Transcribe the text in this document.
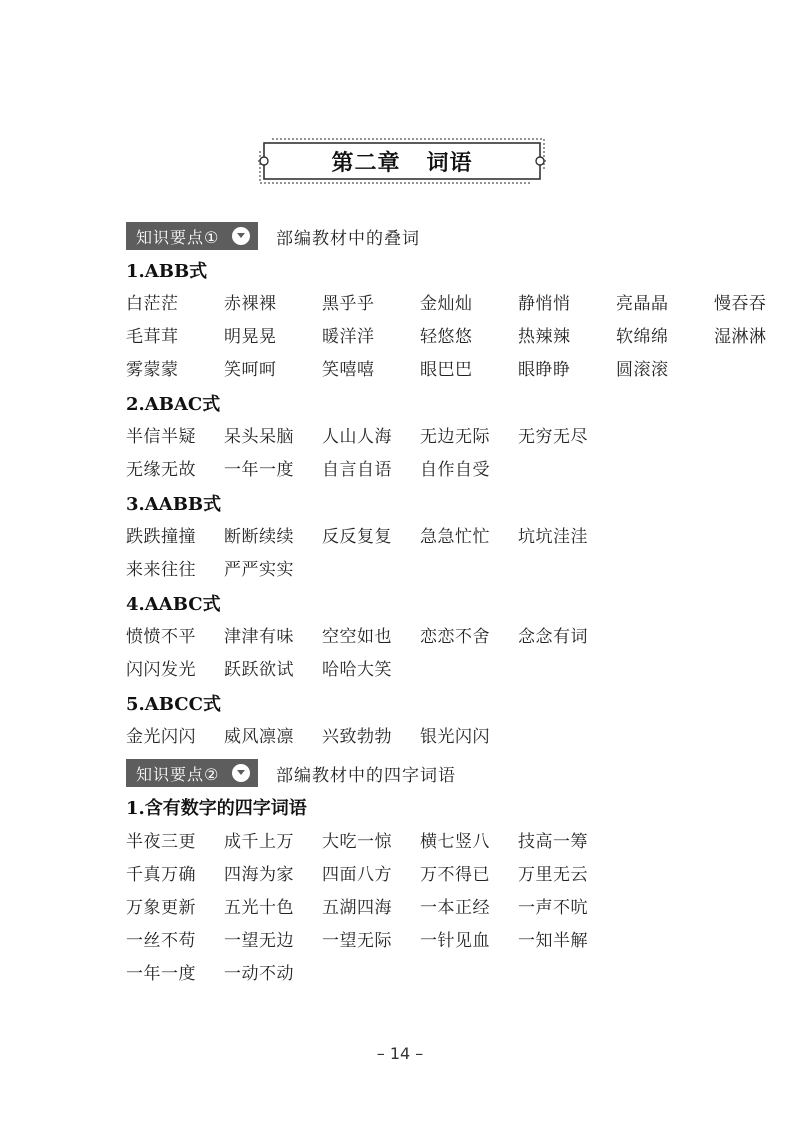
第二章 词语
知识要点①	部编教材中的叠词
1.ABB式
白茫茫	赤裸裸	黑乎乎	金灿灿	静悄悄	亮晶晶	慢吞吞
毛茸茸	明晃晃	暖洋洋	轻悠悠	热辣辣	软绵绵	湿淋淋
雾蒙蒙	笑呵呵	笑嘻嘻	眼巴巴	眼睁睁	圆滚滚
2.ABAC式
半信半疑	呆头呆脑	人山人海	无边无际	无穷无尽
无缘无故	一年一度	自言自语	自作自受
3.AABB式
跌跌撞撞	断断续续	反反复复	急急忙忙	坑坑洼洼
来来往往	严严实实
4.AABC式
愤愤不平	津津有味	空空如也	恋恋不舍	念念有词
闪闪发光	跃跃欲试	哈哈大笑
5.ABCC式
金光闪闪	威风凛凛	兴致勃勃	银光闪闪
知识要点②	部编教材中的四字词语
1.含有数字的四字词语
半夜三更	成千上万	大吃一惊	横七竖八	技高一筹
千真万确	四海为家	四面八方	万不得已	万里无云
万象更新	五光十色	五湖四海	一本正经	一声不吭
一丝不苟	一望无边	一望无际	一针见血	一知半解
一年一度	一动不动
– 14 –
